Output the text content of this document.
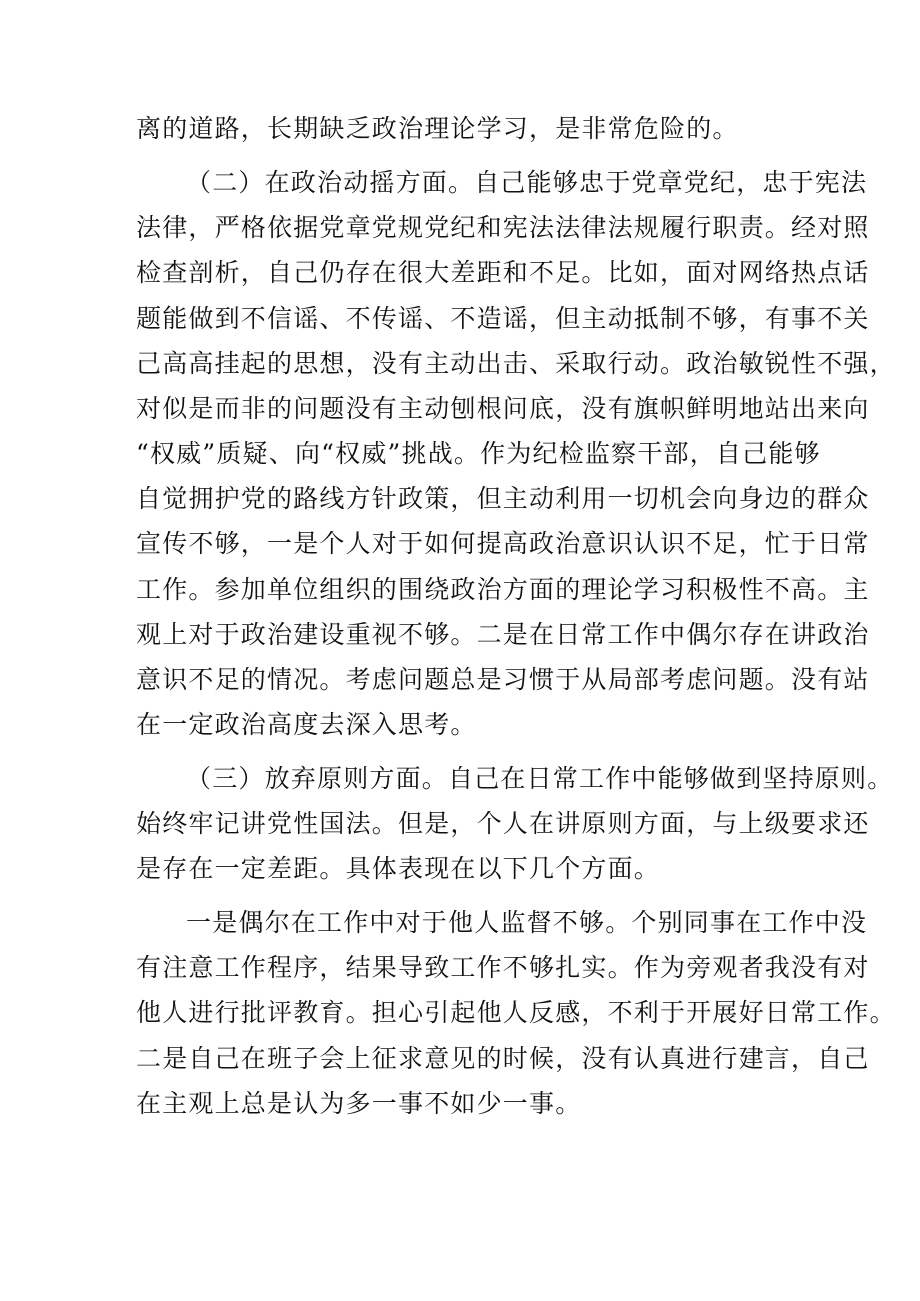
离的道路，长期缺乏政治理论学习，是非常危险的。

（二）在政治动摇方面。自己能够忠于党章党纪，忠于宪法

法律，严格依据党章党规党纪和宪法法律法规履行职责。经对照

检查剖析，自己仍存在很大差距和不足。比如，面对网络热点话

题能做到不信谣、不传谣、不造谣，但主动抵制不够，有事不关

己高高挂起的思想，没有主动出击、采取行动。政治敏锐性不强，

对似是而非的问题没有主动刨根问底，没有旗帜鲜明地站出来向

“权威”质疑、向“权威”挑战。作为纪检监察干部，自己能够

自觉拥护党的路线方针政策，但主动利用一切机会向身边的群众

宣传不够，一是个人对于如何提高政治意识认识不足，忙于日常

工作。参加单位组织的围绕政治方面的理论学习积极性不高。主

观上对于政治建设重视不够。二是在日常工作中偶尔存在讲政治

意识不足的情况。考虑问题总是习惯于从局部考虑问题。没有站

在一定政治高度去深入思考。

（三）放弃原则方面。自己在日常工作中能够做到坚持原则。

始终牢记讲党性国法。但是，个人在讲原则方面，与上级要求还

是存在一定差距。具体表现在以下几个方面。

一是偶尔在工作中对于他人监督不够。个别同事在工作中没

有注意工作程序，结果导致工作不够扎实。作为旁观者我没有对

他人进行批评教育。担心引起他人反感，不利于开展好日常工作。

二是自己在班子会上征求意见的时候，没有认真进行建言，自己

在主观上总是认为多一事不如少一事。
